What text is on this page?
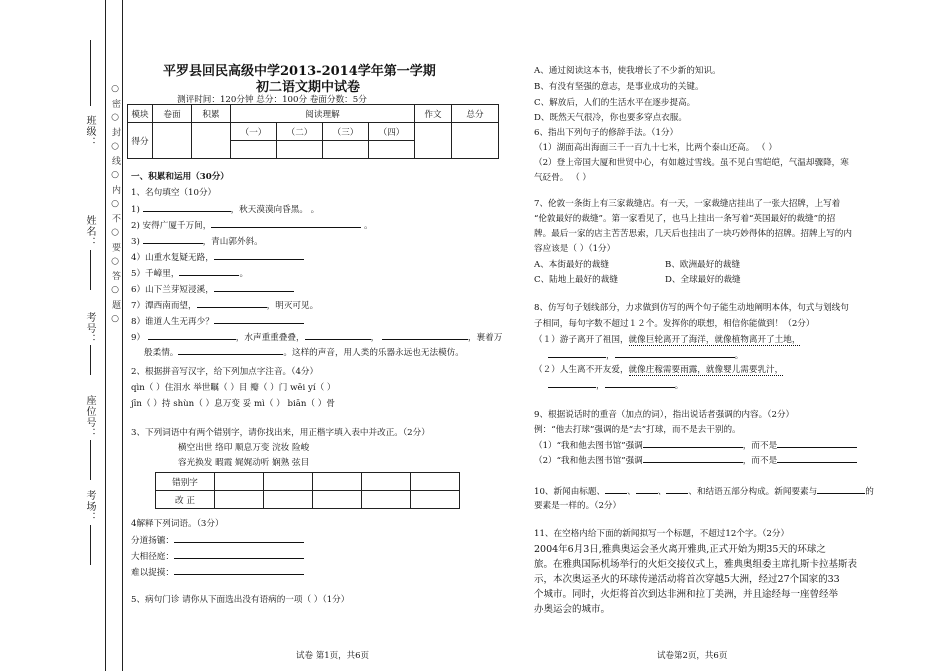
班级：
姓名：
考号：
座位号：
考场：
○ 密 ○ 封 ○ 线 ○ 内 ○ 不 ○ 要 ○ 答 ○ 题 ○
平罗县回民高级中学2013-2014学年第一学期
初二语文期中试卷
测评时间：120分钟 总分：100分 卷面分数：5分
模块	卷面	积累	阅读理解				作文	总分
得分			（一）	（二）	（三）	（四）		

一、积累和运用（30分）
1、名句填空（10分）
1)	，秋天漠漠向昏黑。 。
2) 安得广厦千万间，	。
3)	，青山郭外斜。
4）山重水复疑无路，
5）千嶂里，	。
6）山下兰芽短浸溪，
7）潭西南而望，	，明灭可见。
8）谁道人生无再少？
9）	，水声重重叠叠，	，	，裹着万
般柔情。	。这样的声音，用人类的乐器永远也无法模仿。
2、根据拼音写汉字，给下列加点字注音。（4分）
qìn（ ）住泪水 举世瞩（ ）目 瓣（ ）门 wēi yí（ ）
jīn（ ）持 shùn（ ）息万变 妥 mì（ ） biān（ ）骨
3、下列词语中有两个错别字，请你找出来，用正楷字填入表中并改正。（2分）
横空出世 络印 顺息万变 浣妆 险峻
容光换发 暇霞 娓娓动听 娴熟 弦目
错别字					
改 正					
4解释下列词语。（3分）
分道扬镳：
大相径庭：
难以捉摸：
5、病句门诊 请你从下面选出没有语病的一项（ ）（1分）
A、通过阅读这本书，使我增长了不少新的知识。
B、有没有坚强的意志，是事业成功的关键。
C、解放后，人们的生活水平在逐步提高。
D、既然天气很冷，你也要多穿点衣服。
6、指出下列句子的修辞手法。（1分）
（1）湖面高出海面三千一百九十七米，比两个泰山还高。 （ ）
（2）登上帝国大厦和世贸中心，有如越过雪线。虽不见白雪皑皑，气温却骤降，寒
气砭骨。 （ ）
7、伦敦一条街上有三家裁缝店。有一天，一家裁缝店挂出了一张大招牌，上写着
“伦敦最好的裁缝”。第一家看见了，也马上挂出一条写着“英国最好的裁缝”的招
牌。最后一家的店主苦苦思索，几天后也挂出了一块巧妙得体的招牌。招牌上写的内
容应该是（ ）（1分）
A、本街最好的裁缝	B、欧洲最好的裁缝
C、陆地上最好的裁缝	D、全球最好的裁缝
8、仿写句子划线部分，力求做到仿写的两个句子能生动地阐明本体，句式与划线句
子相同，每句字数不超过１２个。发挥你的联想，相信你能做到！（2分）
（１）游子离开了祖国，就像巨轮离开了海洋，就像植物离开了土地，
，	。
（２）人生离不开友爱，就像庄稼需要雨露，就像婴儿需要乳汁，
，	。
9、根据说话时的重音（加点的词），指出说话者强调的内容。（2分）
例：“他去打球”强调的是“去”打球，而不是去干别的。
（1）“我和他去图书馆”强调	，而不是
（2）“我和他去图书馆”强调	，而不是
10、新闻由标题、	、	、	、和结语五部分构成。新闻要素与	的
要素是一样的。（2分）
11、在空格内给下面的新闻拟写一个标题，不超过12个字。（2分）
2004年6月3日,雅典奥运会圣火离开雅典,正式开始为期35天的环球之
旅。在雅典国际机场举行的火炬交接仪式上，雅典奥组委主席扎斯卡拉基斯表
示，本次奥运圣火的环球传递活动将首次穿越5大洲，经过27个国家的33
个城市。同时，火炬将首次到达非洲和拉丁美洲，并且途经每一座曾经举
办奥运会的城市。
试卷 第1页，共6页	试卷第2页，共6页
